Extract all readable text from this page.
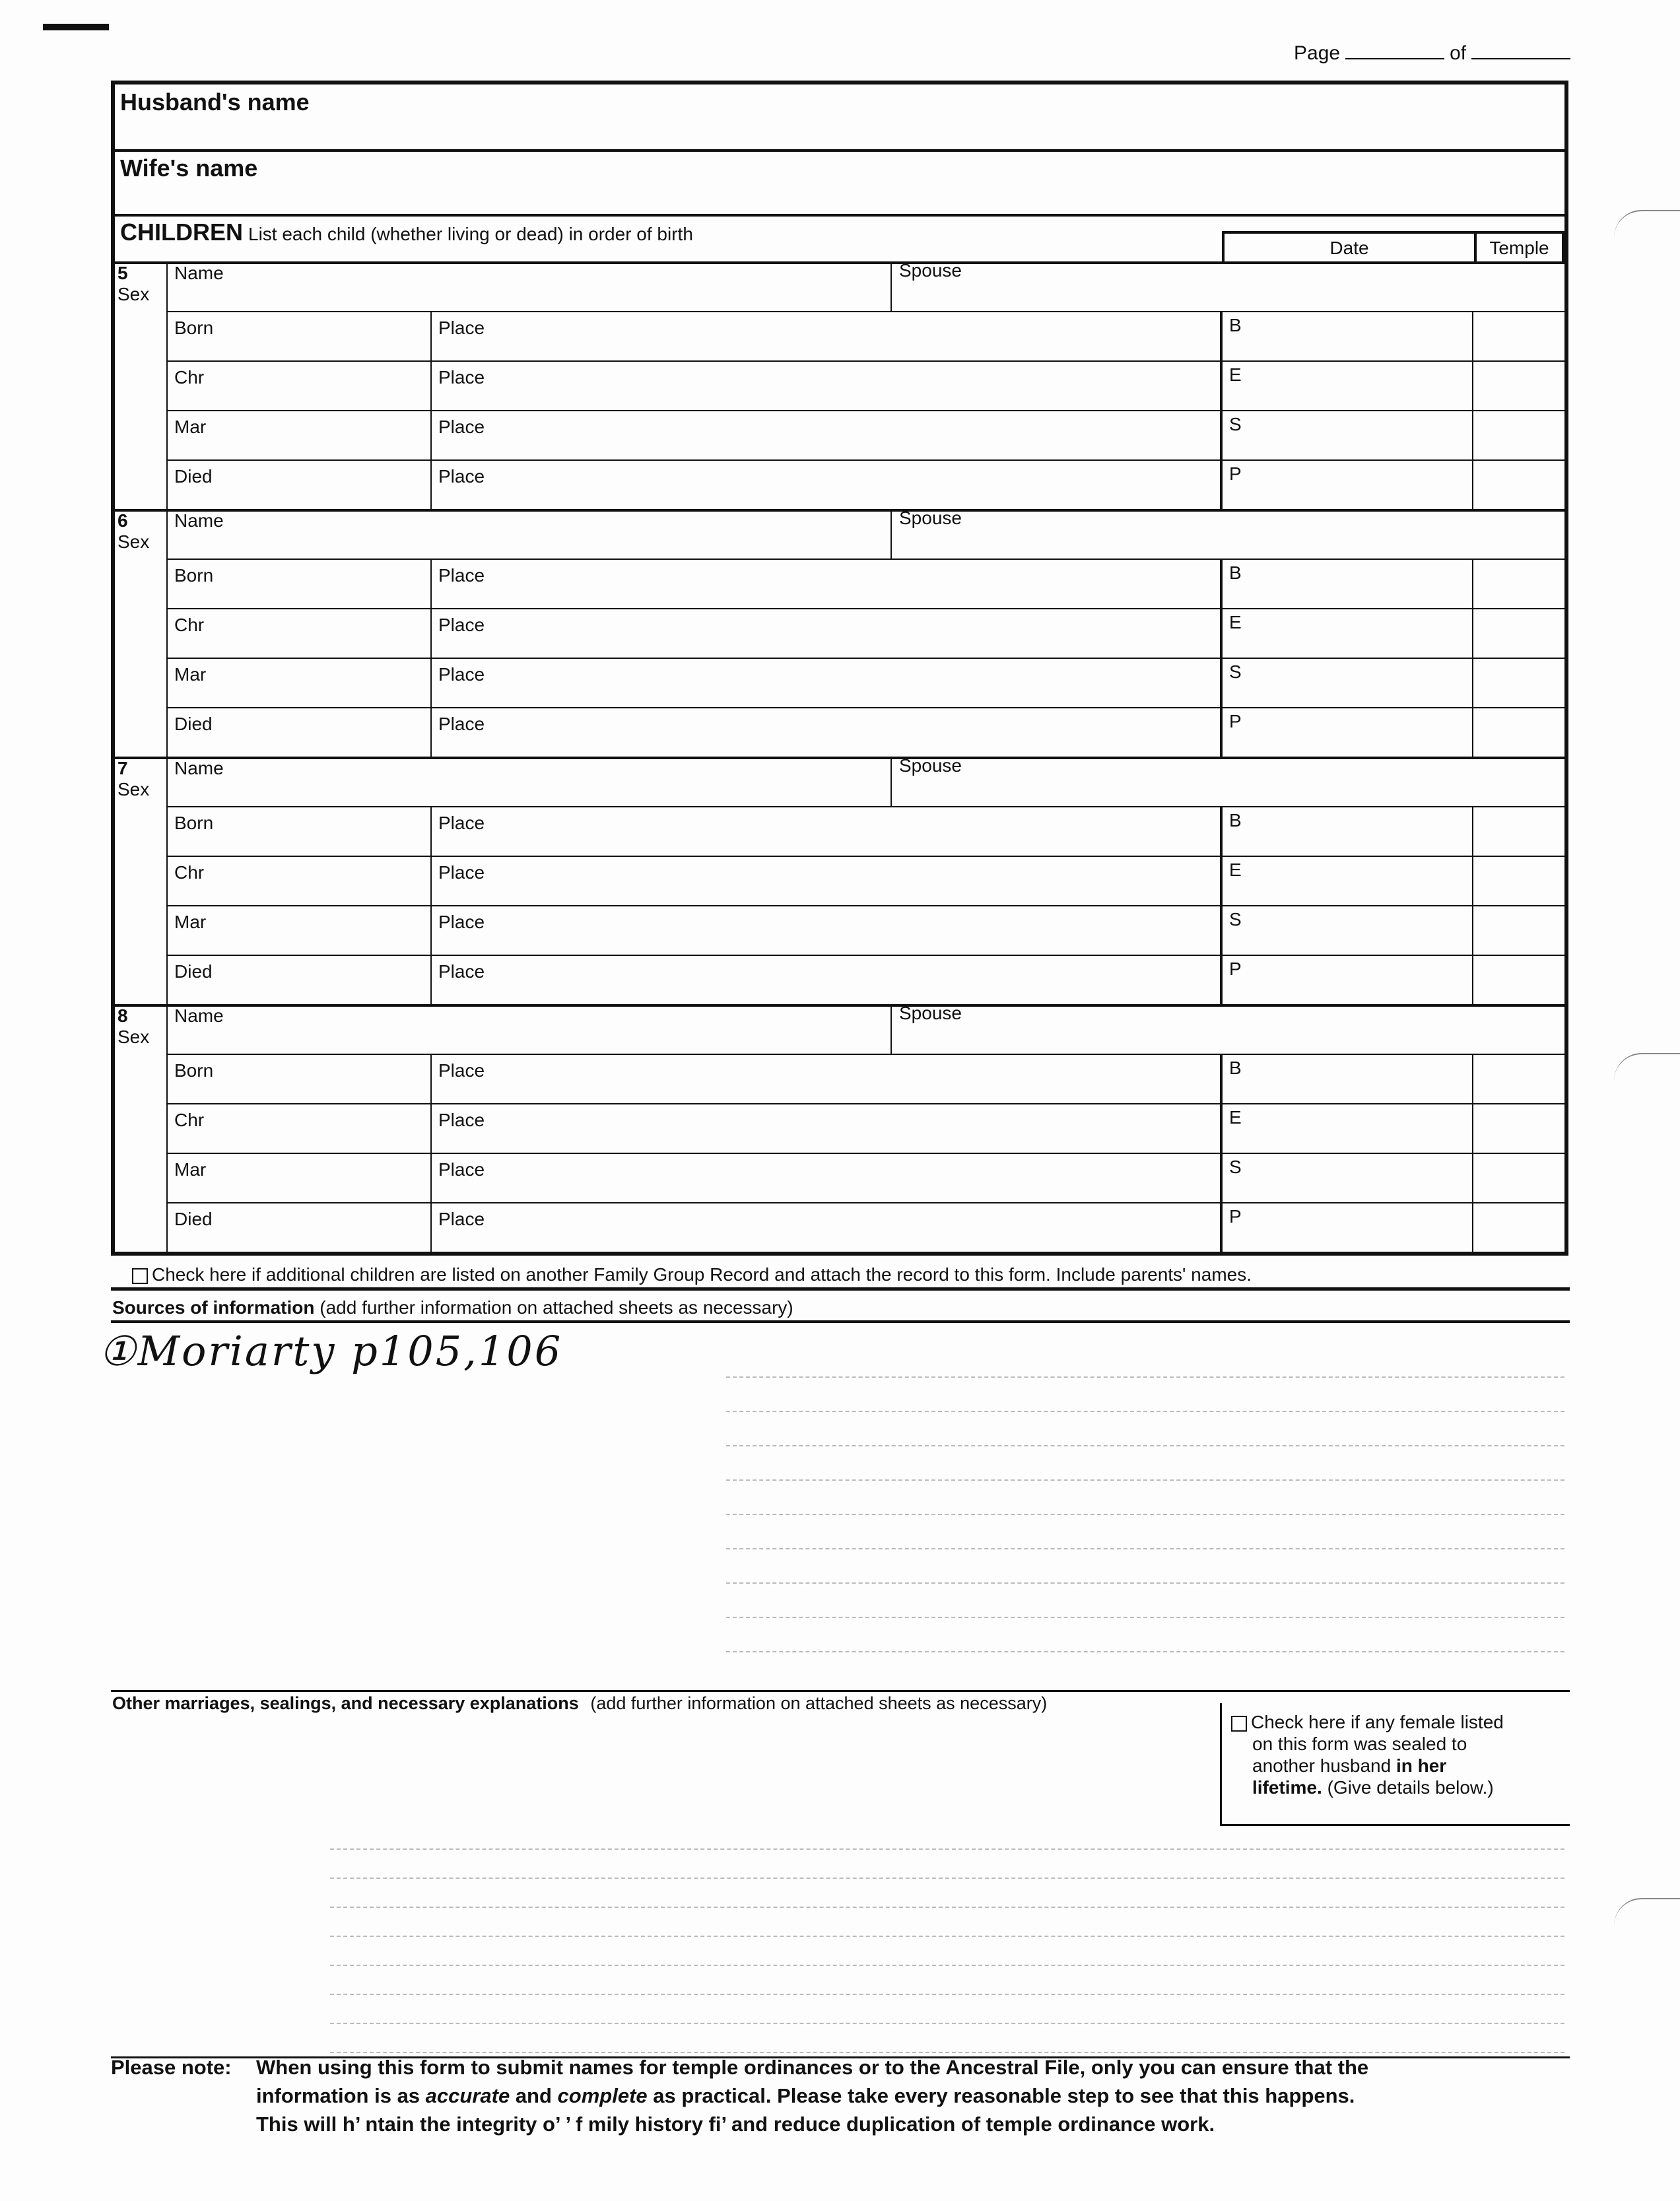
Page	of
Husband's name
Wife's name
CHILDREN List each child (whether living or dead) in order of birth
Date	Temple
5 Sex
Name	Spouse
Born	Place	B
Chr	Place	E
Mar	Place	S
Died	Place	P
6 Sex
Name	Spouse
Born	Place	B
Chr	Place	E
Mar	Place	S
Died	Place	P
7 Sex
Name	Spouse
Born	Place	B
Chr	Place	E
Mar	Place	S
Died	Place	P
8 Sex
Name	Spouse
Born	Place	B
Chr	Place	E
Mar	Place	S
Died	Place	P
Check here if additional children are listed on another Family Group Record and attach the record to this form. Include parents' names.
Sources of information (add further information on attached sheets as necessary)
①Moriarty p105,106
Other marriages, sealings, and necessary explanations (add further information on attached sheets as necessary)
Check here if any female listed
on this form was sealed to
another husband in her
lifetime. (Give details below.)
Please note: When using this form to submit names for temple ordinances or to the Ancestral File, only you can ensure that the
information is as accurate and complete as practical. Please take every reasonable step to see that this happens.
This will h’ ntain the integrity o’ ’ f mily history fi’ and reduce duplication of temple ordinance work.
